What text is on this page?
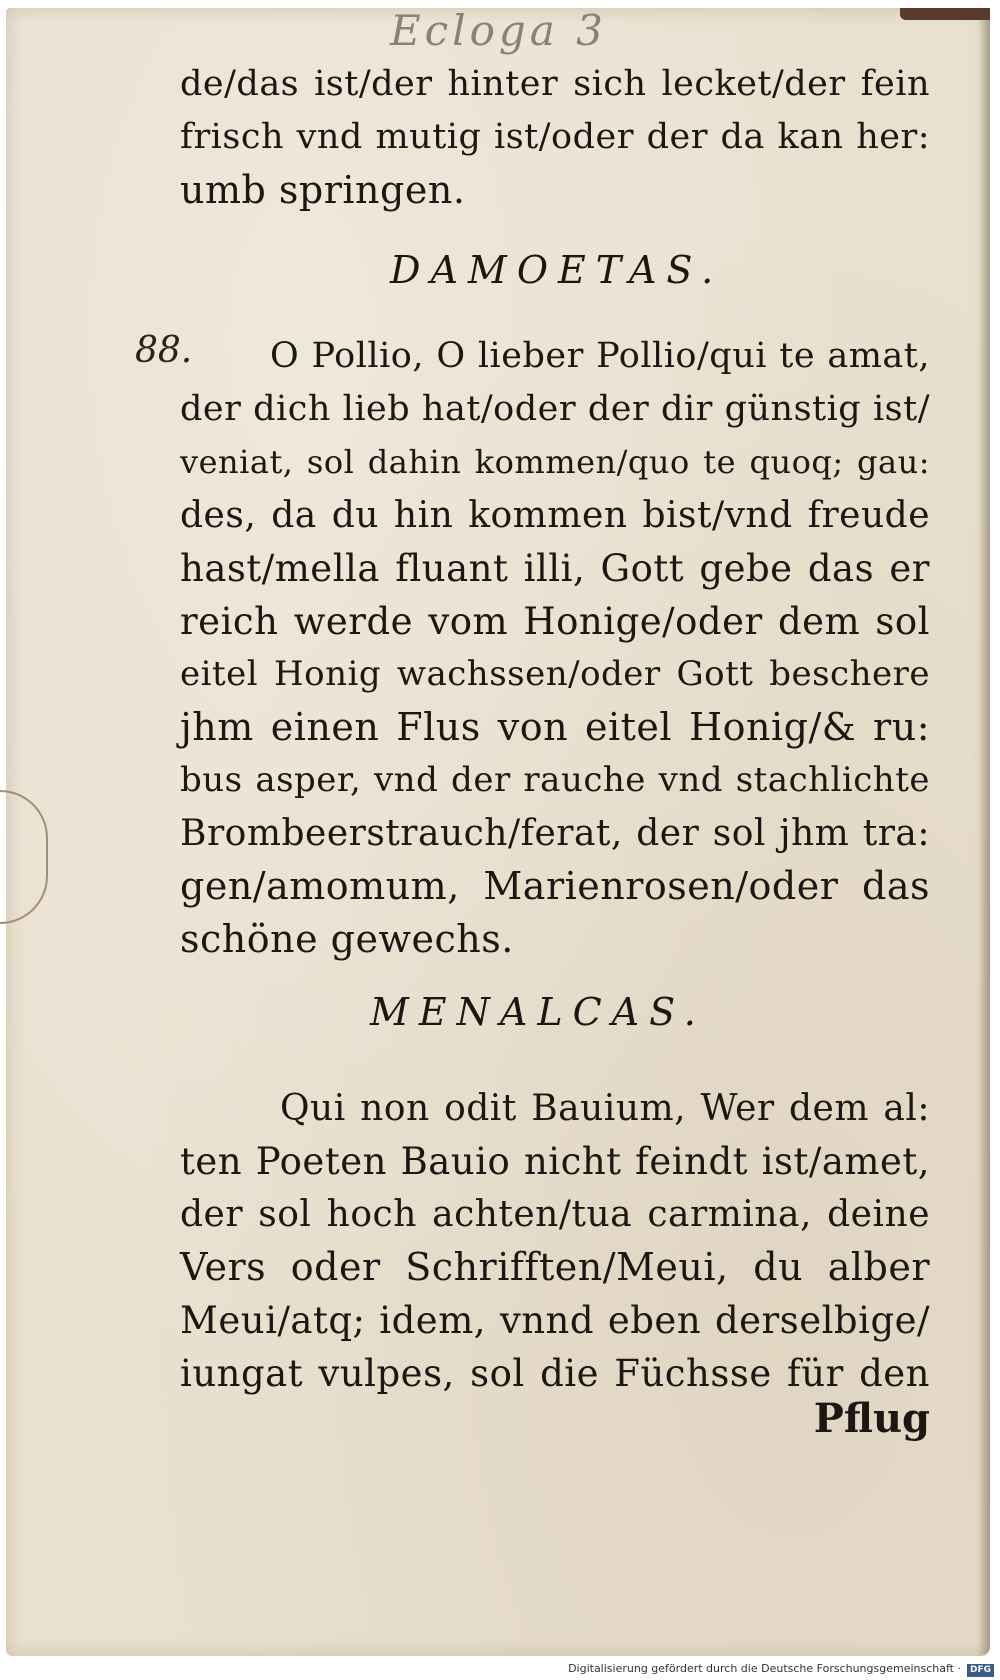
Ecloga 3
de/das ist/der hinter sich lecket/der fein
frisch vnd mutig ist/oder der da kan her:
umb springen.
DAMOETAS.
88.	O Pollio, O lieber Pollio/qui te amat,
der dich lieb hat/oder der dir günstig ist/
veniat, sol dahin kommen/quo te quoq; gau:
des, da du hin kommen bist/vnd freude
hast/mella fluant illi, Gott gebe das er
reich werde vom Honige/oder dem sol
eitel Honig wachssen/oder Gott beschere
jhm einen Flus von eitel Honig/& ru:
bus asper, vnd der rauche vnd stachlichte
Brombeerstrauch/ferat, der sol jhm tra:
gen/amomum, Marienrosen/oder das
schöne gewechs.
MENALCAS.
Qui non odit Bauium, Wer dem al:
ten Poeten Bauio nicht feindt ist/amet,
der sol hoch achten/tua carmina, deine
Vers oder Schrifften/Meui, du alber
Meui/atq; idem, vnnd eben derselbige/
iungat vulpes, sol die Füchsse für den
Pflug
Digitalisierung gefördert durch die Deutsche Forschungsgemeinschaft · DFG
